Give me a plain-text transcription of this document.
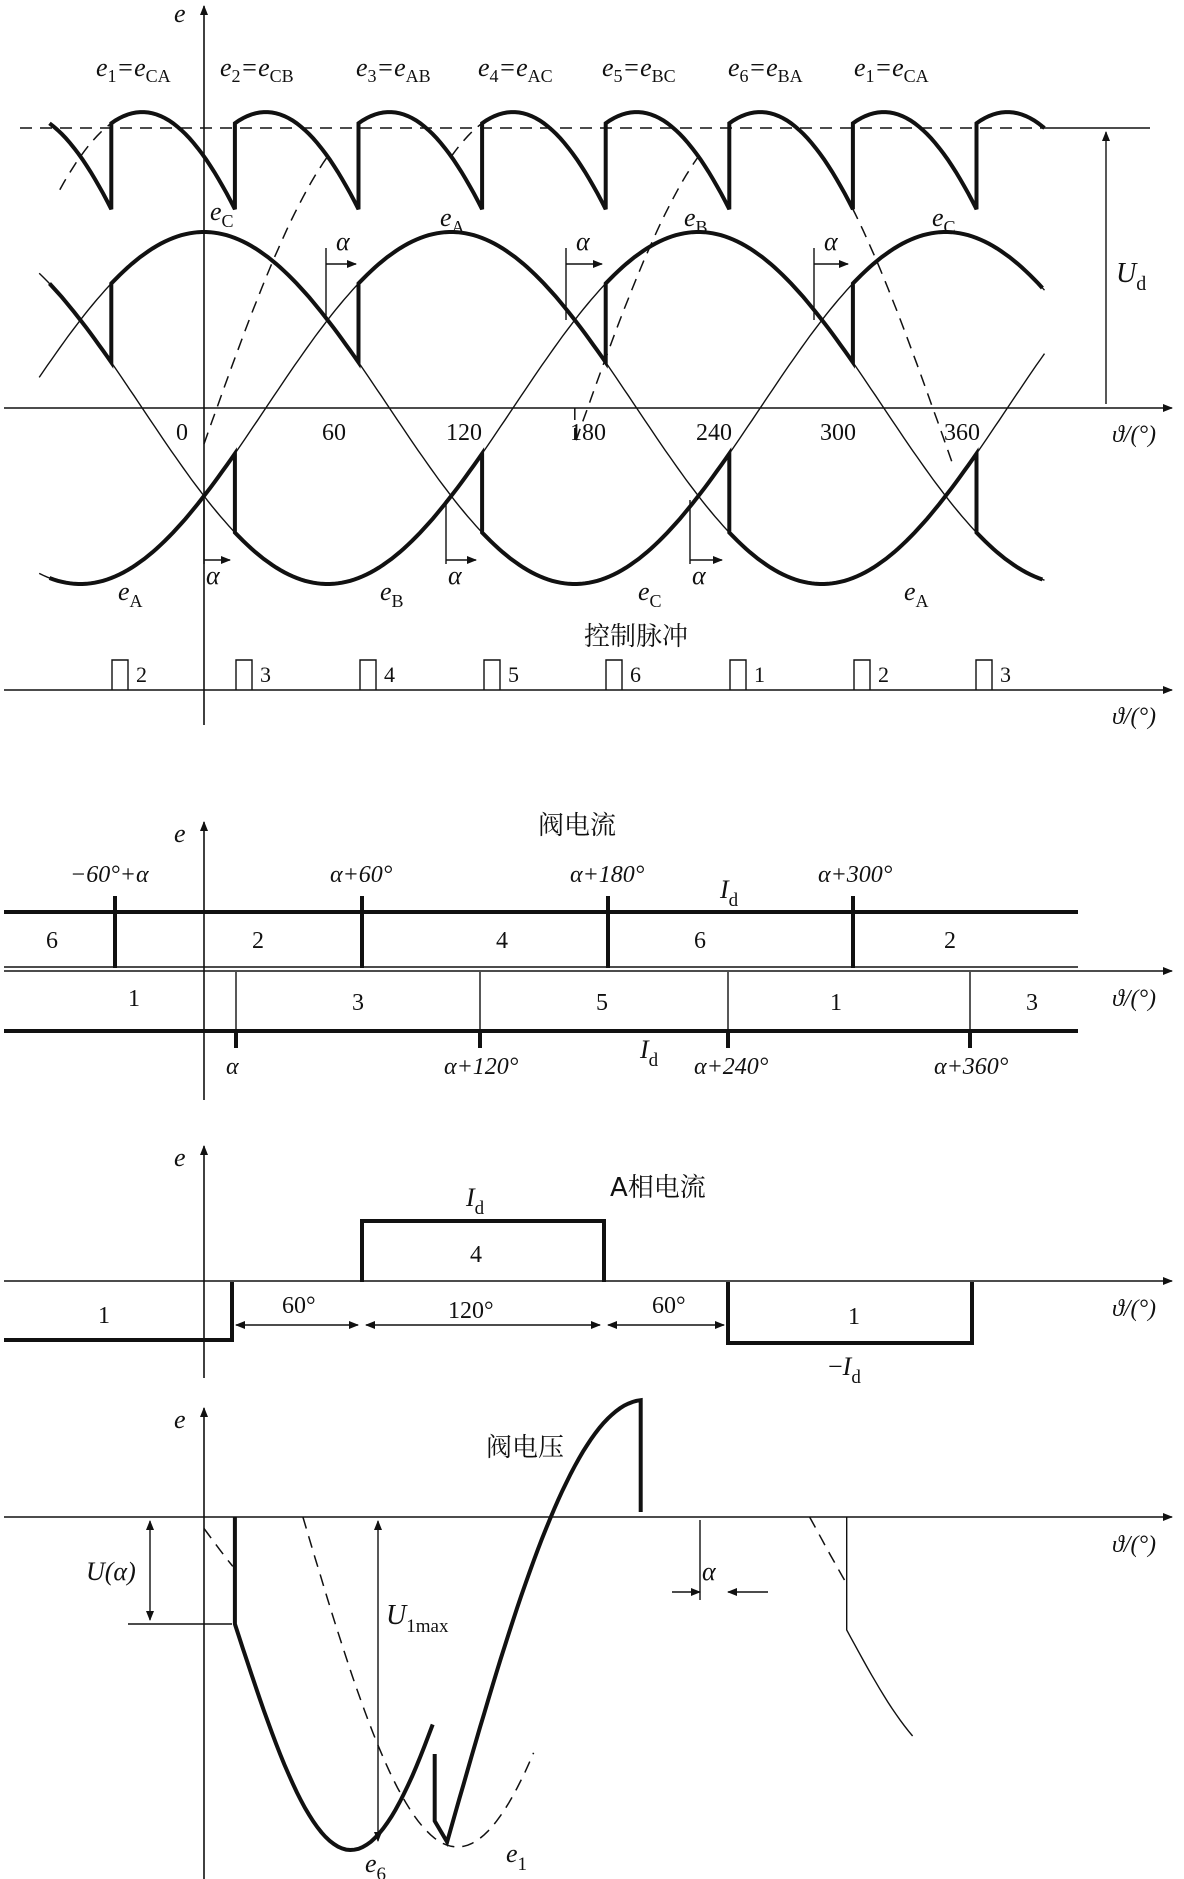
e
ϑ/(°)
$U_d$
0	60	120	180	240	300	360
$e_1=e_{CA}$ $e_2=e_{CB}$ $e_3=e_{AB}$ $e_4=e_{AC}$ $e_5=e_{BC}$ $e_6=e_{BA}$ $e_1=e_{CA}$
$e_C$	$e_A$	$e_B$	$e_C$
$e_A$	$e_B$	$e_C$	$e_A$
α	α	α
α	α	α
控制脉冲
ϑ/(°)
2	3	4	5	6	1	2	3
阀电流
e
ϑ/(°)
−60°+α	α+60°	α+180°	α+300°
α	α+120°	α+240°	α+360°
6	2	4	6	2
1	3	5	1	3
$I_d$
$I_d$
A相电流
e
ϑ/(°)
1
4
1
$I_d$
$-I_d$
60°	120°	60°
阀电压
e
ϑ/(°)
U(α)
$U_{1max}$
α
$e_6$
$e_1$
